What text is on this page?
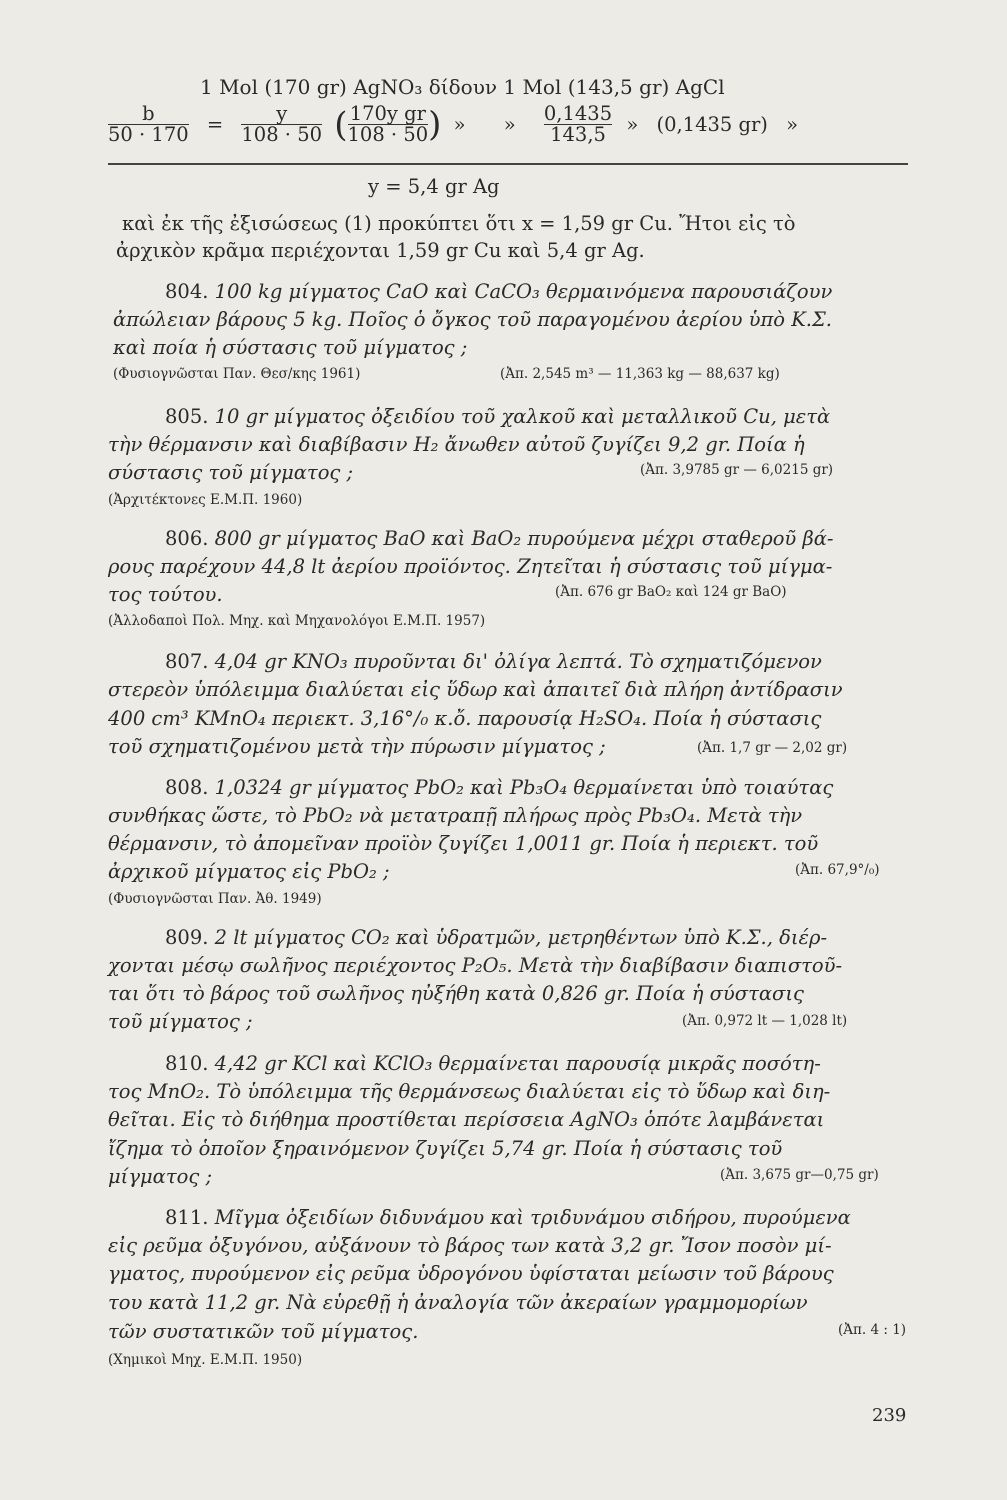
1 Mol (170 gr) AgNO₃ δίδουν 1 Mol (143,5 gr) AgCl
$\frac{b}{50 \cdot 170} = \frac{y}{108 \cdot 50}$ ( $\frac{\text{170y gr}}{108 \cdot 50}$ ) » » $\frac{0,1435}{143,5}$ » (0,1435 gr) »
y = 5,4 gr Ag
καὶ ἐκ τῆς ἐξισώσεως (1) προκύπτει ὅτι x = 1,59 gr Cu. Ἤτοι εἰς τὸ
ἀρχικὸν κρᾶμα περιέχονται 1,59 gr Cu καὶ 5,4 gr Ag.
804. 100 kg μίγματος CaO καὶ CaCO₃ θερμαινόμενα παρουσιάζουν
ἀπώλειαν βάρους 5 kg. Ποῖος ὁ ὄγκος τοῦ παραγομένου ἀερίου ὑπὸ Κ.Σ.
καὶ ποία ἡ σύστασις τοῦ μίγματος ;
(Φυσιογνῶσται Παν. Θεσ/κης 1961)	(Ἀπ. 2,545 m³ — 11,363 kg — 88,637 kg)
805. 10 gr μίγματος ὀξειδίου τοῦ χαλκοῦ καὶ μεταλλικοῦ Cu, μετὰ
τὴν θέρμανσιν καὶ διαβίβασιν H₂ ἄνωθεν αὐτοῦ ζυγίζει 9,2 gr. Ποία ἡ
σύστασις τοῦ μίγματος ;	(Ἀπ. 3,9785 gr — 6,0215 gr)
(Ἀρχιτέκτονες Ε.Μ.Π. 1960)
806. 800 gr μίγματος BaO καὶ BaO₂ πυρούμενα μέχρι σταθεροῦ βά-
ρους παρέχουν 44,8 lt ἀερίου προϊόντος. Ζητεῖται ἡ σύστασις τοῦ μίγμα-
τος τούτου.	(Ἀπ. 676 gr BaO₂ καὶ 124 gr BaO)
(Ἀλλοδαποὶ Πολ. Μηχ. καὶ Μηχανολόγοι Ε.Μ.Π. 1957)
807. 4,04 gr KNO₃ πυροῦνται δι' ὀλίγα λεπτά. Τὸ σχηματιζόμενον
στερεὸν ὑπόλειμμα διαλύεται εἰς ὕδωρ καὶ ἀπαιτεῖ διὰ πλήρη ἀντίδρασιν
400 cm³ KMnO₄ περιεκτ. 3,16°/₀ κ.ὄ. παρουσίᾳ H₂SO₄. Ποία ἡ σύστασις
τοῦ σχηματιζομένου μετὰ τὴν πύρωσιν μίγματος ;	(Ἀπ. 1,7 gr — 2,02 gr)
808. 1,0324 gr μίγματος PbO₂ καὶ Pb₃O₄ θερμαίνεται ὑπὸ τοιαύτας
συνθήκας ὥστε, τὸ PbO₂ νὰ μετατραπῇ πλήρως πρὸς Pb₃O₄. Μετὰ τὴν
θέρμανσιν, τὸ ἀπομεῖναν προϊὸν ζυγίζει 1,0011 gr. Ποία ἡ περιεκτ. τοῦ
ἀρχικοῦ μίγματος εἰς PbO₂ ;	(Ἀπ. 67,9°/₀)
(Φυσιογνῶσται Παν. Ἀθ. 1949)
809. 2 lt μίγματος CO₂ καὶ ὑδρατμῶν, μετρηθέντων ὑπὸ Κ.Σ., διέρ-
χονται μέσῳ σωλῆνος περιέχοντος P₂O₅. Μετὰ τὴν διαβίβασιν διαπιστοῦ-
ται ὅτι τὸ βάρος τοῦ σωλῆνος ηὐξήθη κατὰ 0,826 gr. Ποία ἡ σύστασις
τοῦ μίγματος ;	(Ἀπ. 0,972 lt — 1,028 lt)
810. 4,42 gr KCl καὶ KClO₃ θερμαίνεται παρουσίᾳ μικρᾶς ποσότη-
τος MnO₂. Τὸ ὑπόλειμμα τῆς θερμάνσεως διαλύεται εἰς τὸ ὕδωρ καὶ διη-
θεῖται. Εἰς τὸ διήθημα προστίθεται περίσσεια AgNO₃ ὁπότε λαμβάνεται
ἴζημα τὸ ὁποῖον ξηραινόμενον ζυγίζει 5,74 gr. Ποία ἡ σύστασις τοῦ
μίγματος ;	(Ἀπ. 3,675 gr—0,75 gr)
811. Μῖγμα ὀξειδίων διδυνάμου καὶ τριδυνάμου σιδήρου, πυρούμενα
εἰς ρεῦμα ὀξυγόνου, αὐξάνουν τὸ βάρος των κατὰ 3,2 gr. Ἴσον ποσὸν μί-
γματος, πυρούμενον εἰς ρεῦμα ὑδρογόνου ὑφίσταται μείωσιν τοῦ βάρους
του κατὰ 11,2 gr. Νὰ εὑρεθῇ ἡ ἀναλογία τῶν ἀκεραίων γραμμομορίων
τῶν συστατικῶν τοῦ μίγματος.	(Ἀπ. 4 : 1)
(Χημικοὶ Μηχ. Ε.Μ.Π. 1950)
239
